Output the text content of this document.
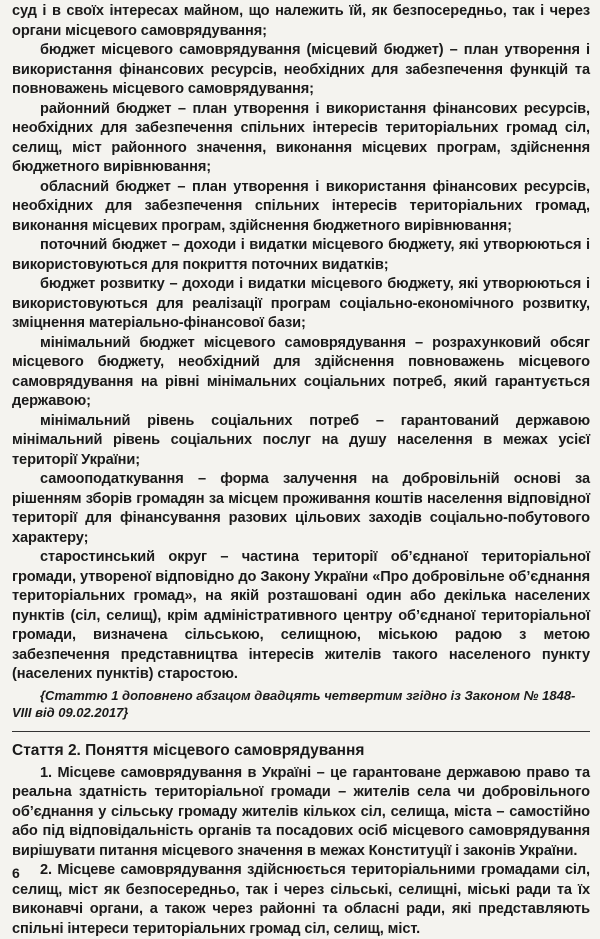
суд і в своїх інтересах майном, що належить їй, як безпосередньо, так і через органи місцевого самоврядування;

бюджет місцевого самоврядування (місцевий бюджет) – план утворення і використання фінансових ресурсів, необхідних для забезпечення функцій та повноважень місцевого самоврядування;

районний бюджет – план утворення і використання фінансових ресурсів, необхідних для забезпечення спільних інтересів територіальних громад сіл, селищ, міст районного значення, виконання місцевих програм, здійснення бюджетного вирівнювання;

обласний бюджет – план утворення і використання фінансових ресурсів, необхідних для забезпечення спільних інтересів територіальних громад, виконання місцевих програм, здійснення бюджетного вирівнювання;

поточний бюджет – доходи і видатки місцевого бюджету, які утворюються і використовуються для покриття поточних видатків;

бюджет розвитку – доходи і видатки місцевого бюджету, які утворюються і використовуються для реалізації програм соціально-економічного розвитку, зміцнення матеріально-фінансової бази;

мінімальний бюджет місцевого самоврядування – розрахунковий обсяг місцевого бюджету, необхідний для здійснення повноважень місцевого самоврядування на рівні мінімальних соціальних потреб, який гарантується державою;

мінімальний рівень соціальних потреб – гарантований державою мінімальний рівень соціальних послуг на душу населення в межах усієї території України;

самооподаткування – форма залучення на добровільній основі за рішенням зборів громадян за місцем проживання коштів населення відповідної території для фінансування разових цільових заходів соціально-побутового характеру;

старостинський округ – частина території об’єднаної територіальної громади, утвореної відповідно до Закону України «Про добровільне об’єднання територіальних громад», на якій розташовані один або декілька населених пунктів (сіл, селищ), крім адміністративного центру об’єднаної територіальної громади, визначена сільською, селищною, міською радою з метою забезпечення представництва інтересів жителів такого населеного пункту (населених пунктів) старостою.

{Статтю 1 доповнено абзацом двадцять четвертим згідно із Законом № 1848-VIII від 09.02.2017}

Стаття 2. Поняття місцевого самоврядування

1. Місцеве самоврядування в Україні – це гарантоване державою право та реальна здатність територіальної громади – жителів села чи добровільного об’єднання у сільську громаду жителів кількох сіл, селища, міста – самостійно або під відповідальність органів та посадових осіб місцевого самоврядування вирішувати питання місцевого значення в межах Конституції і законів України.

2. Місцеве самоврядування здійснюється територіальними громадами сіл, селищ, міст як безпосередньо, так і через сільські, селищні, міські ради та їх виконавчі органи, а також через районні та обласні ради, які представляють спільні інтереси територіальних громад сіл, селищ, міст.

6
